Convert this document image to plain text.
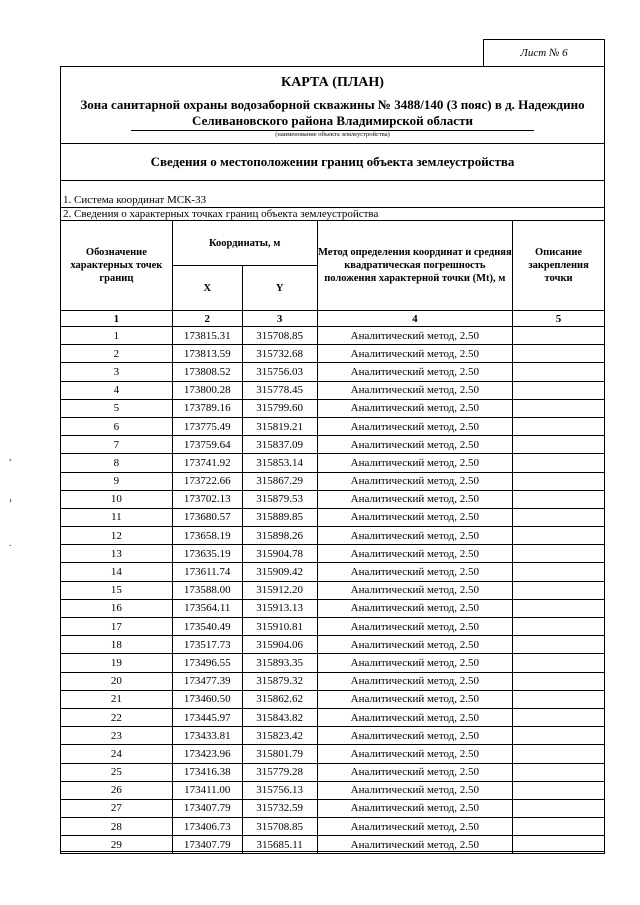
Лист № 6
,
›
.
КАРТА (ПЛАН)
Зона санитарной охраны водозаборной скважины № 3488/140 (3 пояс) в д. Надеждино Селивановского района Владимирской области
(наименование объекта землеустройства)
Сведения о местоположении границ объекта землеустройства
1. Система координат МСК-33
2. Сведения о характерных точках границ объекта землеустройства
Обозначение характерных точек границ	Координаты, м		Метод определения координат и средняя квадратическая погрешность положения характерной точки (Mt), м	Описание закрепления точки
	X	Y		
1	2	3	4	5
1	173815.31	315708.85	Аналитический метод, 2.50	
2	173813.59	315732.68	Аналитический метод, 2.50	
3	173808.52	315756.03	Аналитический метод, 2.50	
4	173800.28	315778.45	Аналитический метод, 2.50	
5	173789.16	315799.60	Аналитический метод, 2.50	
6	173775.49	315819.21	Аналитический метод, 2.50	
7	173759.64	315837.09	Аналитический метод, 2.50	
8	173741.92	315853.14	Аналитический метод, 2.50	
9	173722.66	315867.29	Аналитический метод, 2.50	
10	173702.13	315879.53	Аналитический метод, 2.50	
11	173680.57	315889.85	Аналитический метод, 2.50	
12	173658.19	315898.26	Аналитический метод, 2.50	
13	173635.19	315904.78	Аналитический метод, 2.50	
14	173611.74	315909.42	Аналитический метод, 2.50	
15	173588.00	315912.20	Аналитический метод, 2.50	
16	173564.11	315913.13	Аналитический метод, 2.50	
17	173540.49	315910.81	Аналитический метод, 2.50	
18	173517.73	315904.06	Аналитический метод, 2.50	
19	173496.55	315893.35	Аналитический метод, 2.50	
20	173477.39	315879.32	Аналитический метод, 2.50	
21	173460.50	315862.62	Аналитический метод, 2.50	
22	173445.97	315843.82	Аналитический метод, 2.50	
23	173433.81	315823.42	Аналитический метод, 2.50	
24	173423.96	315801.79	Аналитический метод, 2.50	
25	173416.38	315779.28	Аналитический метод, 2.50	
26	173411.00	315756.13	Аналитический метод, 2.50	
27	173407.79	315732.59	Аналитический метод, 2.50	
28	173406.73	315708.85	Аналитический метод, 2.50	
29	173407.79	315685.11	Аналитический метод, 2.50	
